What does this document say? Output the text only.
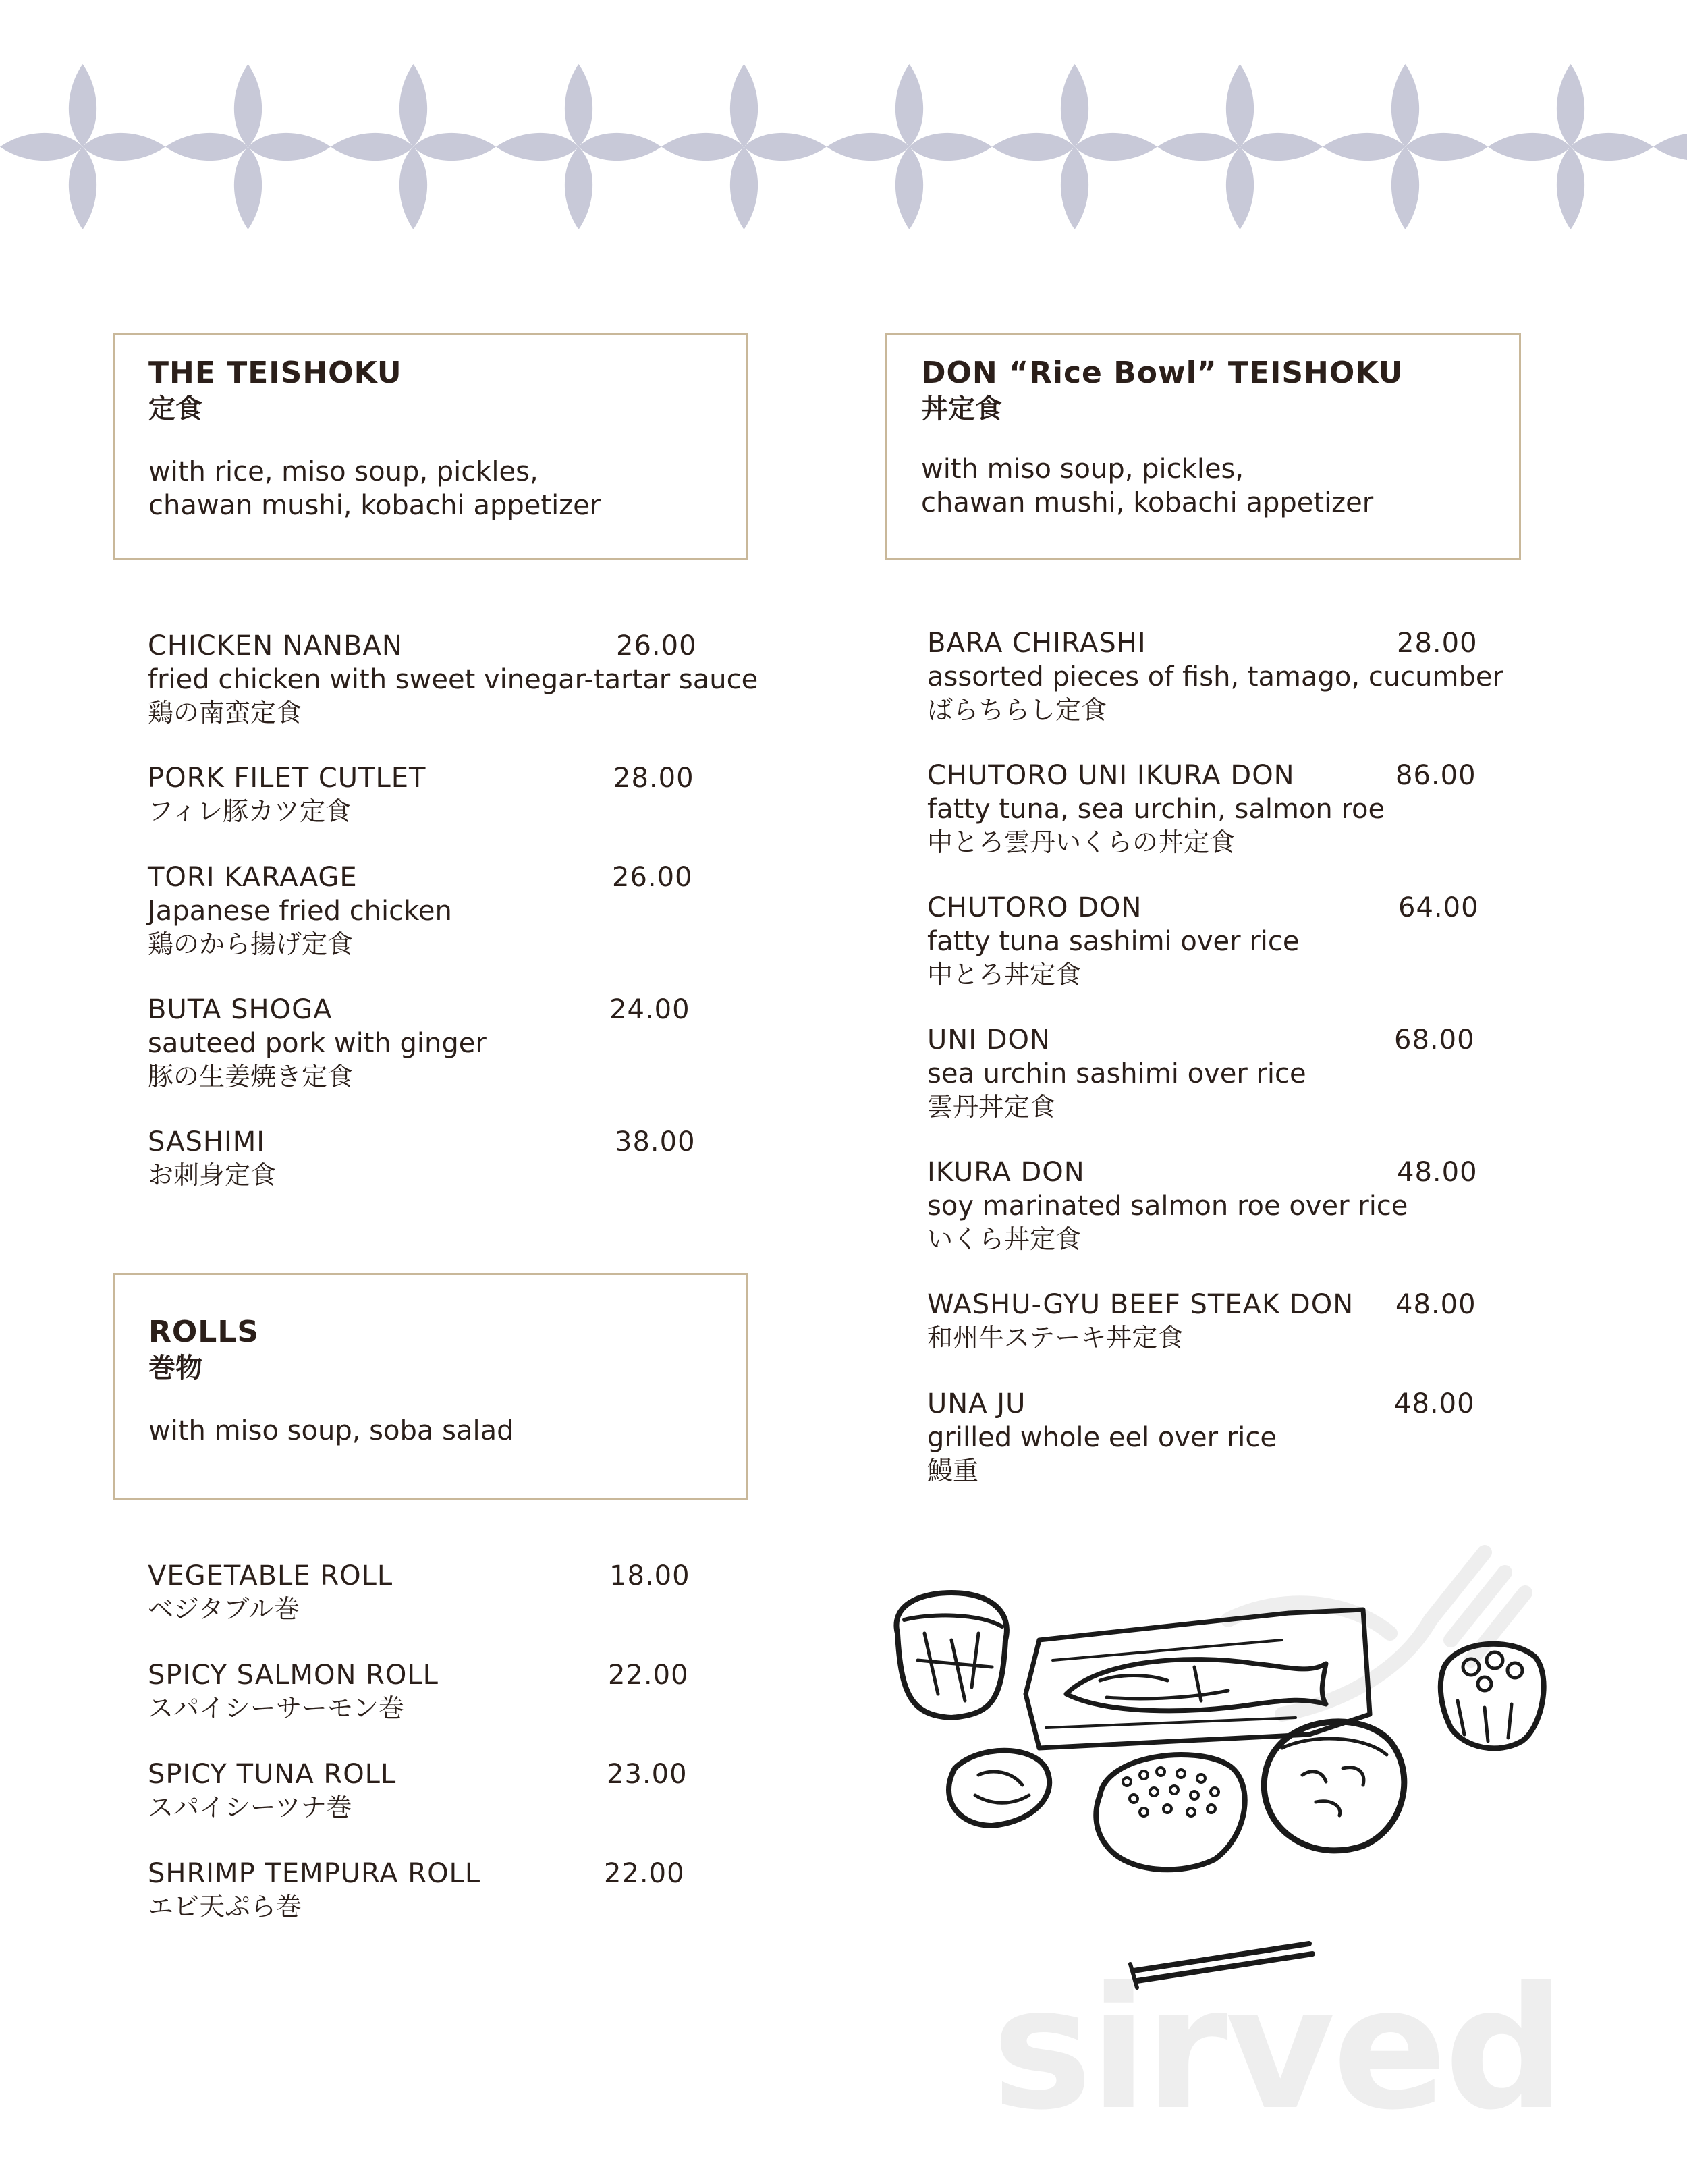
THE TEISHOKU
定食
with rice, miso soup, pickles,
chawan mushi, kobachi appetizer
DON “Rice Bowl” TEISHOKU
丼定食
with miso soup, pickles,
chawan mushi, kobachi appetizer
ROLLS
巻物
with miso soup, soba salad
CHICKEN NANBAN	26.00
fried chicken with sweet vinegar-tartar sauce
鶏の南蛮定食
PORK FILET CUTLET	28.00
フィレ豚カツ定食
TORI KARAAGE	26.00
Japanese fried chicken
鶏のから揚げ定食
BUTA SHOGA	24.00
sauteed pork with ginger
豚の生姜焼き定食
SASHIMI	38.00
お刺身定食
VEGETABLE ROLL	18.00
ベジタブル巻
SPICY SALMON ROLL	22.00
スパイシーサーモン巻
SPICY TUNA ROLL	23.00
スパイシーツナ巻
SHRIMP TEMPURA ROLL	22.00
エビ天ぷら巻
BARA CHIRASHI	28.00
assorted pieces of fish, tamago, cucumber
ばらちらし定食
CHUTORO UNI IKURA DON	86.00
fatty tuna, sea urchin, salmon roe
中とろ雲丹いくらの丼定食
CHUTORO DON	64.00
fatty tuna sashimi over rice
中とろ丼定食
UNI DON	68.00
sea urchin sashimi over rice
雲丹丼定食
IKURA DON	48.00
soy marinated salmon roe over rice
いくら丼定食
WASHU-GYU BEEF STEAK DON	48.00
和州牛ステーキ丼定食
UNA JU	48.00
grilled whole eel over rice
鰻重
sirved
